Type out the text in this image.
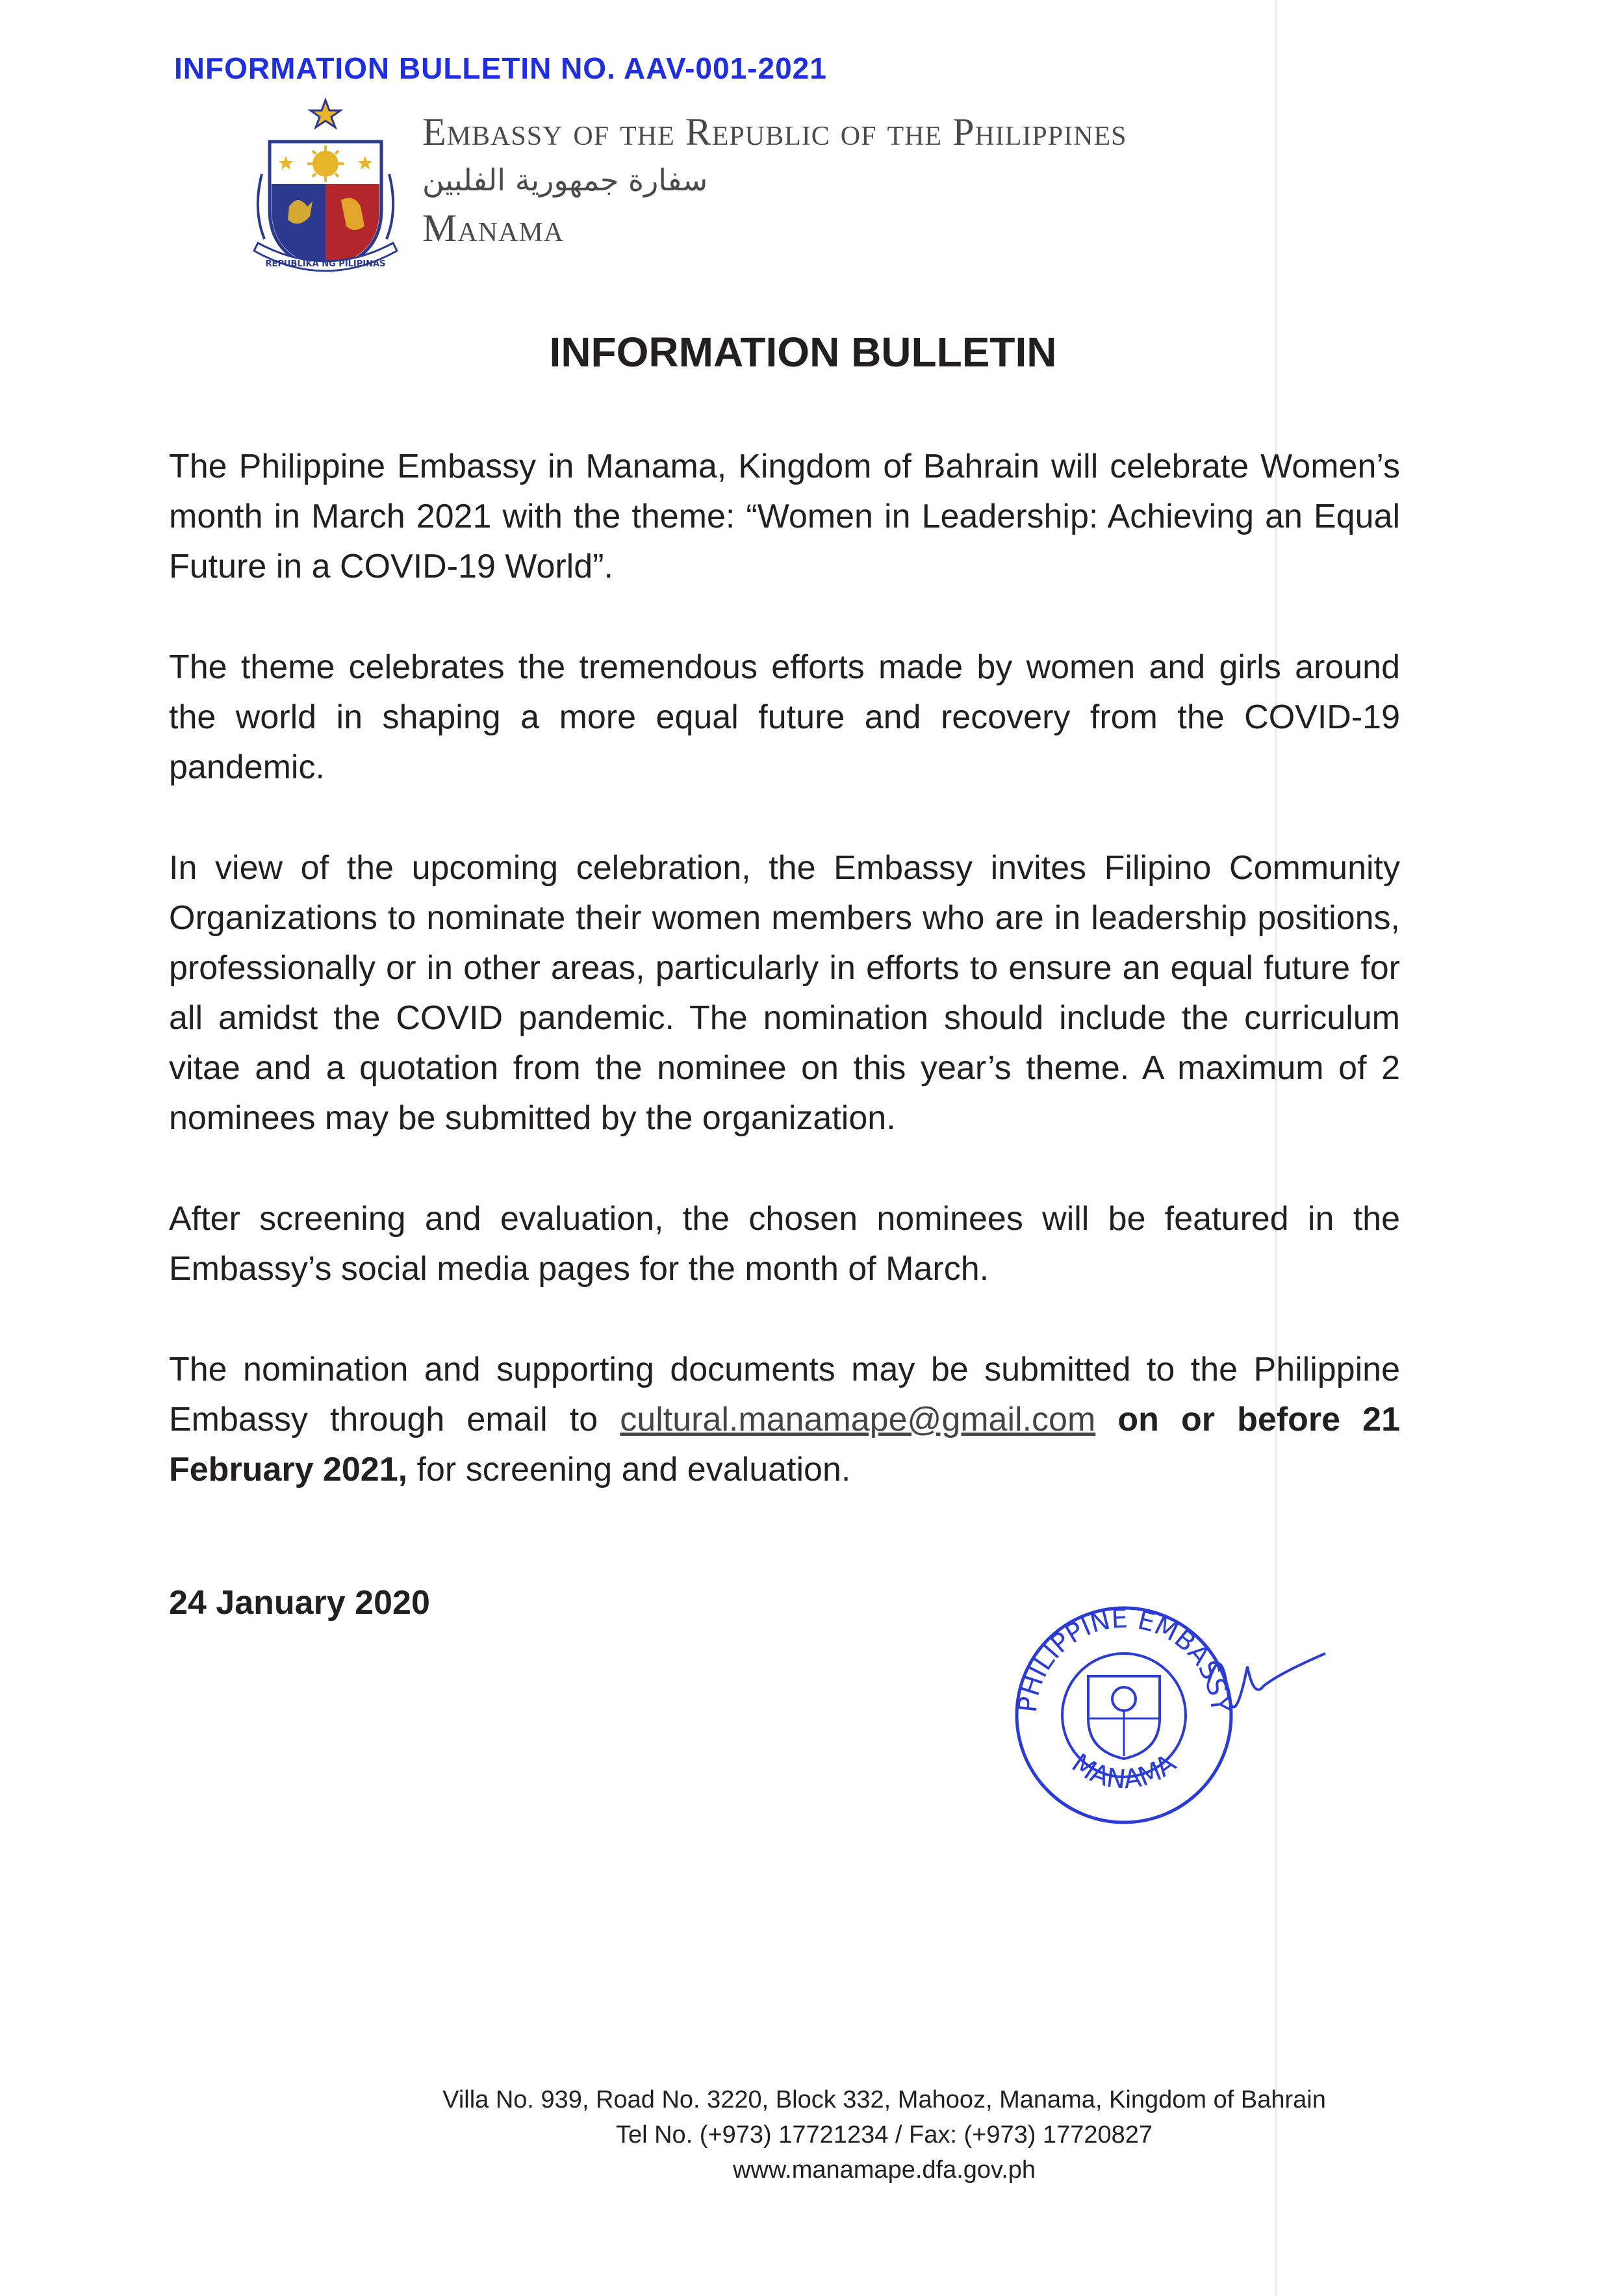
INFORMATION BULLETIN NO. AAV-001-2021
REPUBLIKA NG PILIPINAS
Embassy of the Republic of the Philippines
سفارة جمهورية الفلبين
Manama
INFORMATION BULLETIN

The Philippine Embassy in Manama, Kingdom of Bahrain will celebrate Women’s month in March 2021 with the theme: “Women in Leadership: Achieving an Equal Future in a COVID-19 World”.

The theme celebrates the tremendous efforts made by women and girls around the world in shaping a more equal future and recovery from the COVID-19 pandemic.

In view of the upcoming celebration, the Embassy invites Filipino Community Organizations to nominate their women members who are in leadership positions, professionally or in other areas, particularly in efforts to ensure an equal future for all amidst the COVID pandemic. The nomination should include the curriculum vitae and a quotation from the nominee on this year’s theme. A maximum of 2 nominees may be submitted by the organization.

After screening and evaluation, the chosen nominees will be featured in the Embassy’s social media pages for the month of March.

The nomination and supporting documents may be submitted to the Philippine Embassy through email to cultural.manamape@gmail.com on or before 21 February 2021, for screening and evaluation.

24 January 2020
PHILIPPINE EMBASSY
MANAMA
Villa No. 939, Road No. 3220, Block 332, Mahooz, Manama, Kingdom of Bahrain
Tel No. (+973) 17721234 / Fax: (+973) 17720827
www.manamape.dfa.gov.ph
